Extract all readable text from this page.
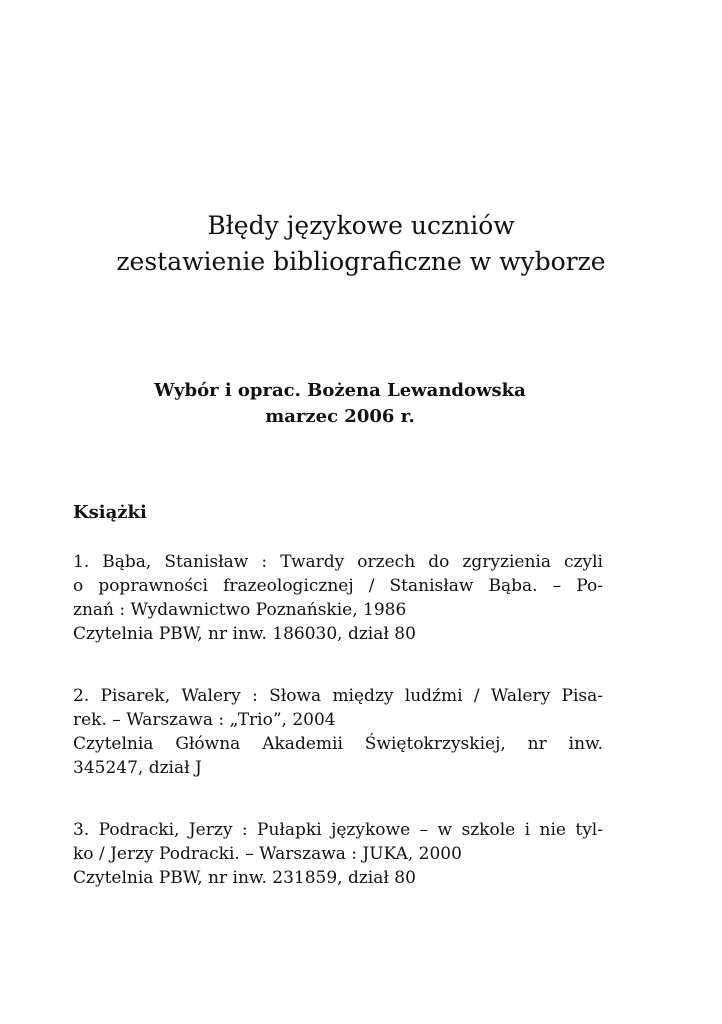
Błędy językowe uczniów
zestawienie bibliograficzne w wyborze
Wybór i oprac. Bożena Lewandowska
marzec 2006 r.
Książki
1. Bąba, Stanisław : Twardy orzech do zgryzienia czyli
o poprawności frazeologicznej / Stanisław Bąba. – Po-
znań : Wydawnictwo Poznańskie, 1986
Czytelnia PBW, nr inw. 186030, dział 80
2. Pisarek, Walery : Słowa między ludźmi / Walery Pisa-
rek. – Warszawa : „Trio”, 2004
Czytelnia Główna Akademii Świętokrzyskiej, nr inw.
345247, dział J
3. Podracki, Jerzy : Pułapki językowe – w szkole i nie tyl-
ko / Jerzy Podracki. – Warszawa : JUKA, 2000
Czytelnia PBW, nr inw. 231859, dział 80
